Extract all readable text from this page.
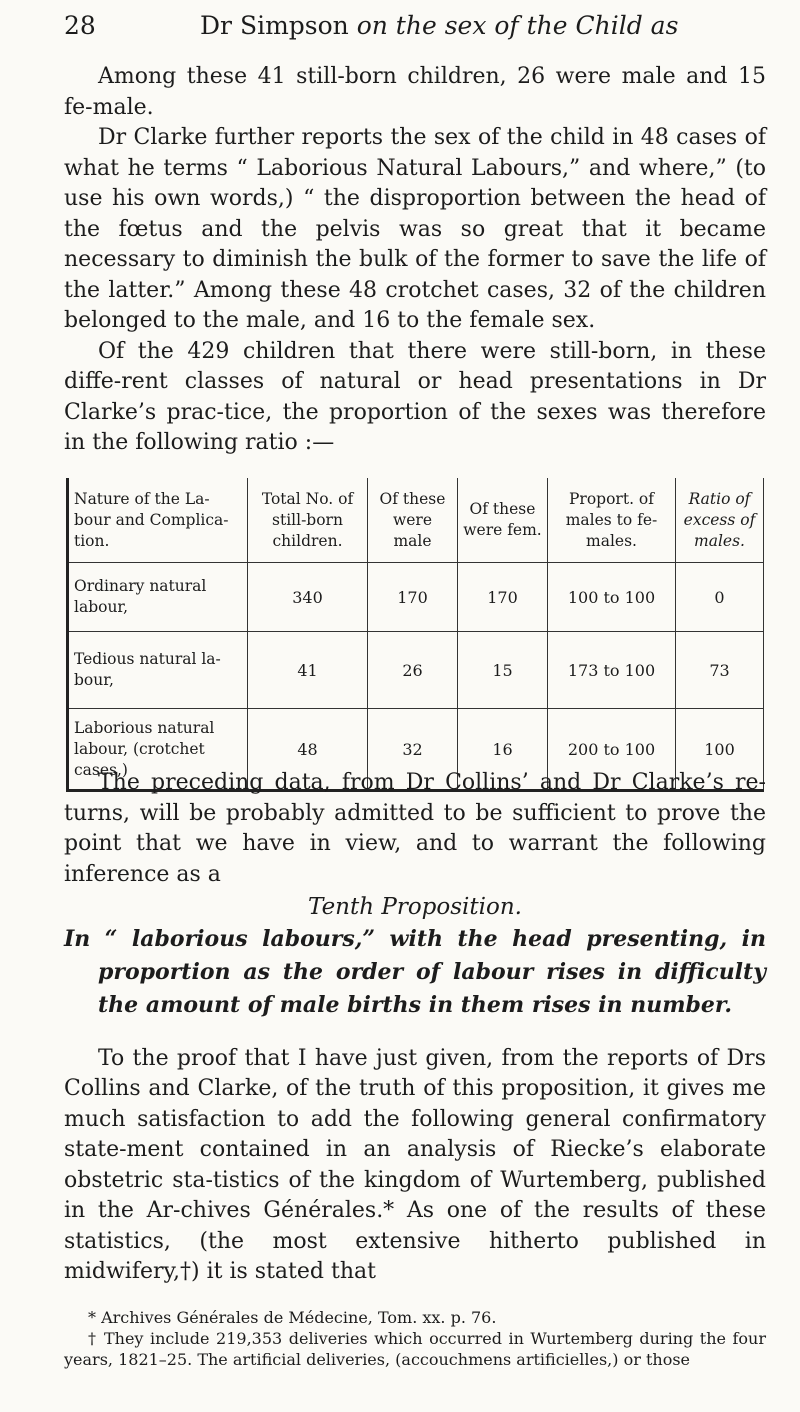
28	Dr Simpson on the sex of the Child as

Among these 41 still-born children, 26 were male and 15 fe-male.

Dr Clarke further reports the sex of the child in 48 cases of what he terms “ Laborious Natural Labours,” and where,” (to use his own words,) “ the disproportion between the head of the fœtus and the pelvis was so great that it became necessary to diminish the bulk of the former to save the life of the latter.” Among these 48 crotchet cases, 32 of the children belonged to the male, and 16 to the female sex.

Of the 429 children that there were still-born, in these diffe-rent classes of natural or head presentations in Dr Clarke’s prac-tice, the proportion of the sexes was therefore in the following ratio :—

Nature of the La-bour and Complica-tion.	Total No. of still-born children.	Of these were male	Of these were fem.	Proport. of males to fe-males.	Ratio of excess of males.
Ordinary natural labour,	340	170	170	100 to 100	0
Tedious natural la-bour,	41	26	15	173 to 100	73
Laborious natural labour, (crotchet cases,)	48	32	16	200 to 100	100

The preceding data, from Dr Collins’ and Dr Clarke’s re-turns, will be probably admitted to be sufficient to prove the point that we have in view, and to warrant the following inference as a

Tenth Proposition.

In “ laborious labours,” with the head presenting, in proportion as the order of labour rises in difficulty the amount of male births in them rises in number.

To the proof that I have just given, from the reports of Drs Collins and Clarke, of the truth of this proposition, it gives me much satisfaction to add the following general confirmatory state-ment contained in an analysis of Riecke’s elaborate obstetric sta-tistics of the kingdom of Wurtemberg, published in the Ar-chives Générales.* As one of the results of these statistics, (the most extensive hitherto published in midwifery,†) it is stated that

* Archives Générales de Médecine, Tom. xx. p. 76.

† They include 219,353 deliveries which occurred in Wurtemberg during the four years, 1821–25. The artificial deliveries, (accouchmens artificielles,) or those
